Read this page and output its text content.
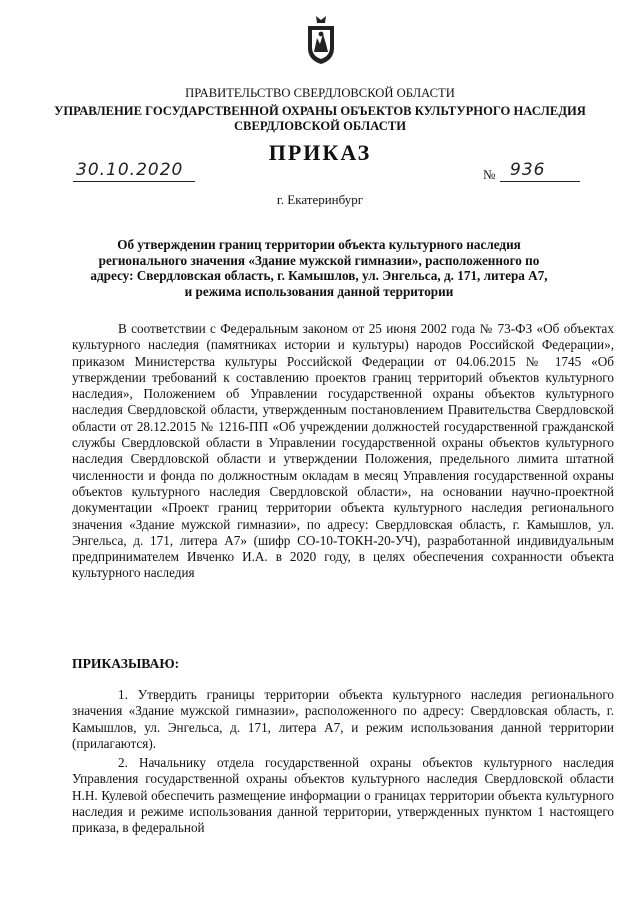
ПРАВИТЕЛЬСТВО СВЕРДЛОВСКОЙ ОБЛАСТИ
УПРАВЛЕНИЕ ГОСУДАРСТВЕННОЙ ОХРАНЫ ОБЪЕКТОВ КУЛЬТУРНОГО НАСЛЕДИЯ
СВЕРДЛОВСКОЙ ОБЛАСТИ
ПРИКАЗ
30.10.2020	№ 936
г. Екатеринбург
Об утверждении границ территории объекта культурного наследия регионального значения «Здание мужской гимназии», расположенного по адресу: Свердловская область, г. Камышлов, ул. Энгельса, д. 171, литера А7, и режима использования данной территории
В соответствии с Федеральным законом от 25 июня 2002 года № 73-ФЗ «Об объектах культурного наследия (памятниках истории и культуры) народов Российской Федерации», приказом Министерства культуры Российской Федерации от 04.06.2015 № 1745 «Об утверждении требований к составлению проектов границ территорий объектов культурного наследия», Положением об Управлении государственной охраны объектов культурного наследия Свердловской области, утвержденным постановлением Правительства Свердловской области от 28.12.2015 № 1216-ПП «Об учреждении должностей государственной гражданской службы Свердловской области в Управлении государственной охраны объектов культурного наследия Свердловской области и утверждении Положения, предельного лимита штатной численности и фонда по должностным окладам в месяц Управления государственной охраны объектов культурного наследия Свердловской области», на основании научно-проектной документации «Проект границ территории объекта культурного наследия регионального значения «Здание мужской гимназии», по адресу: Свердловская область, г. Камышлов, ул. Энгельса, д. 171, литера А7» (шифр СО-10-ТОКН-20-УЧ), разработанной индивидуальным предпринимателем Ивченко И.А. в 2020 году, в целях обеспечения сохранности объекта культурного наследия
ПРИКАЗЫВАЮ:
1. Утвердить границы территории объекта культурного наследия регионального значения «Здание мужской гимназии», расположенного по адресу: Свердловская область, г. Камышлов, ул. Энгельса, д. 171, литера А7, и режим использования данной территории (прилагаются).
2. Начальнику отдела государственной охраны объектов культурного наследия Управления государственной охраны объектов культурного наследия Свердловской области Н.Н. Кулевой обеспечить размещение информации о границах территории объекта культурного наследия и режиме использования данной территории, утвержденных пунктом 1 настоящего приказа, в федеральной
